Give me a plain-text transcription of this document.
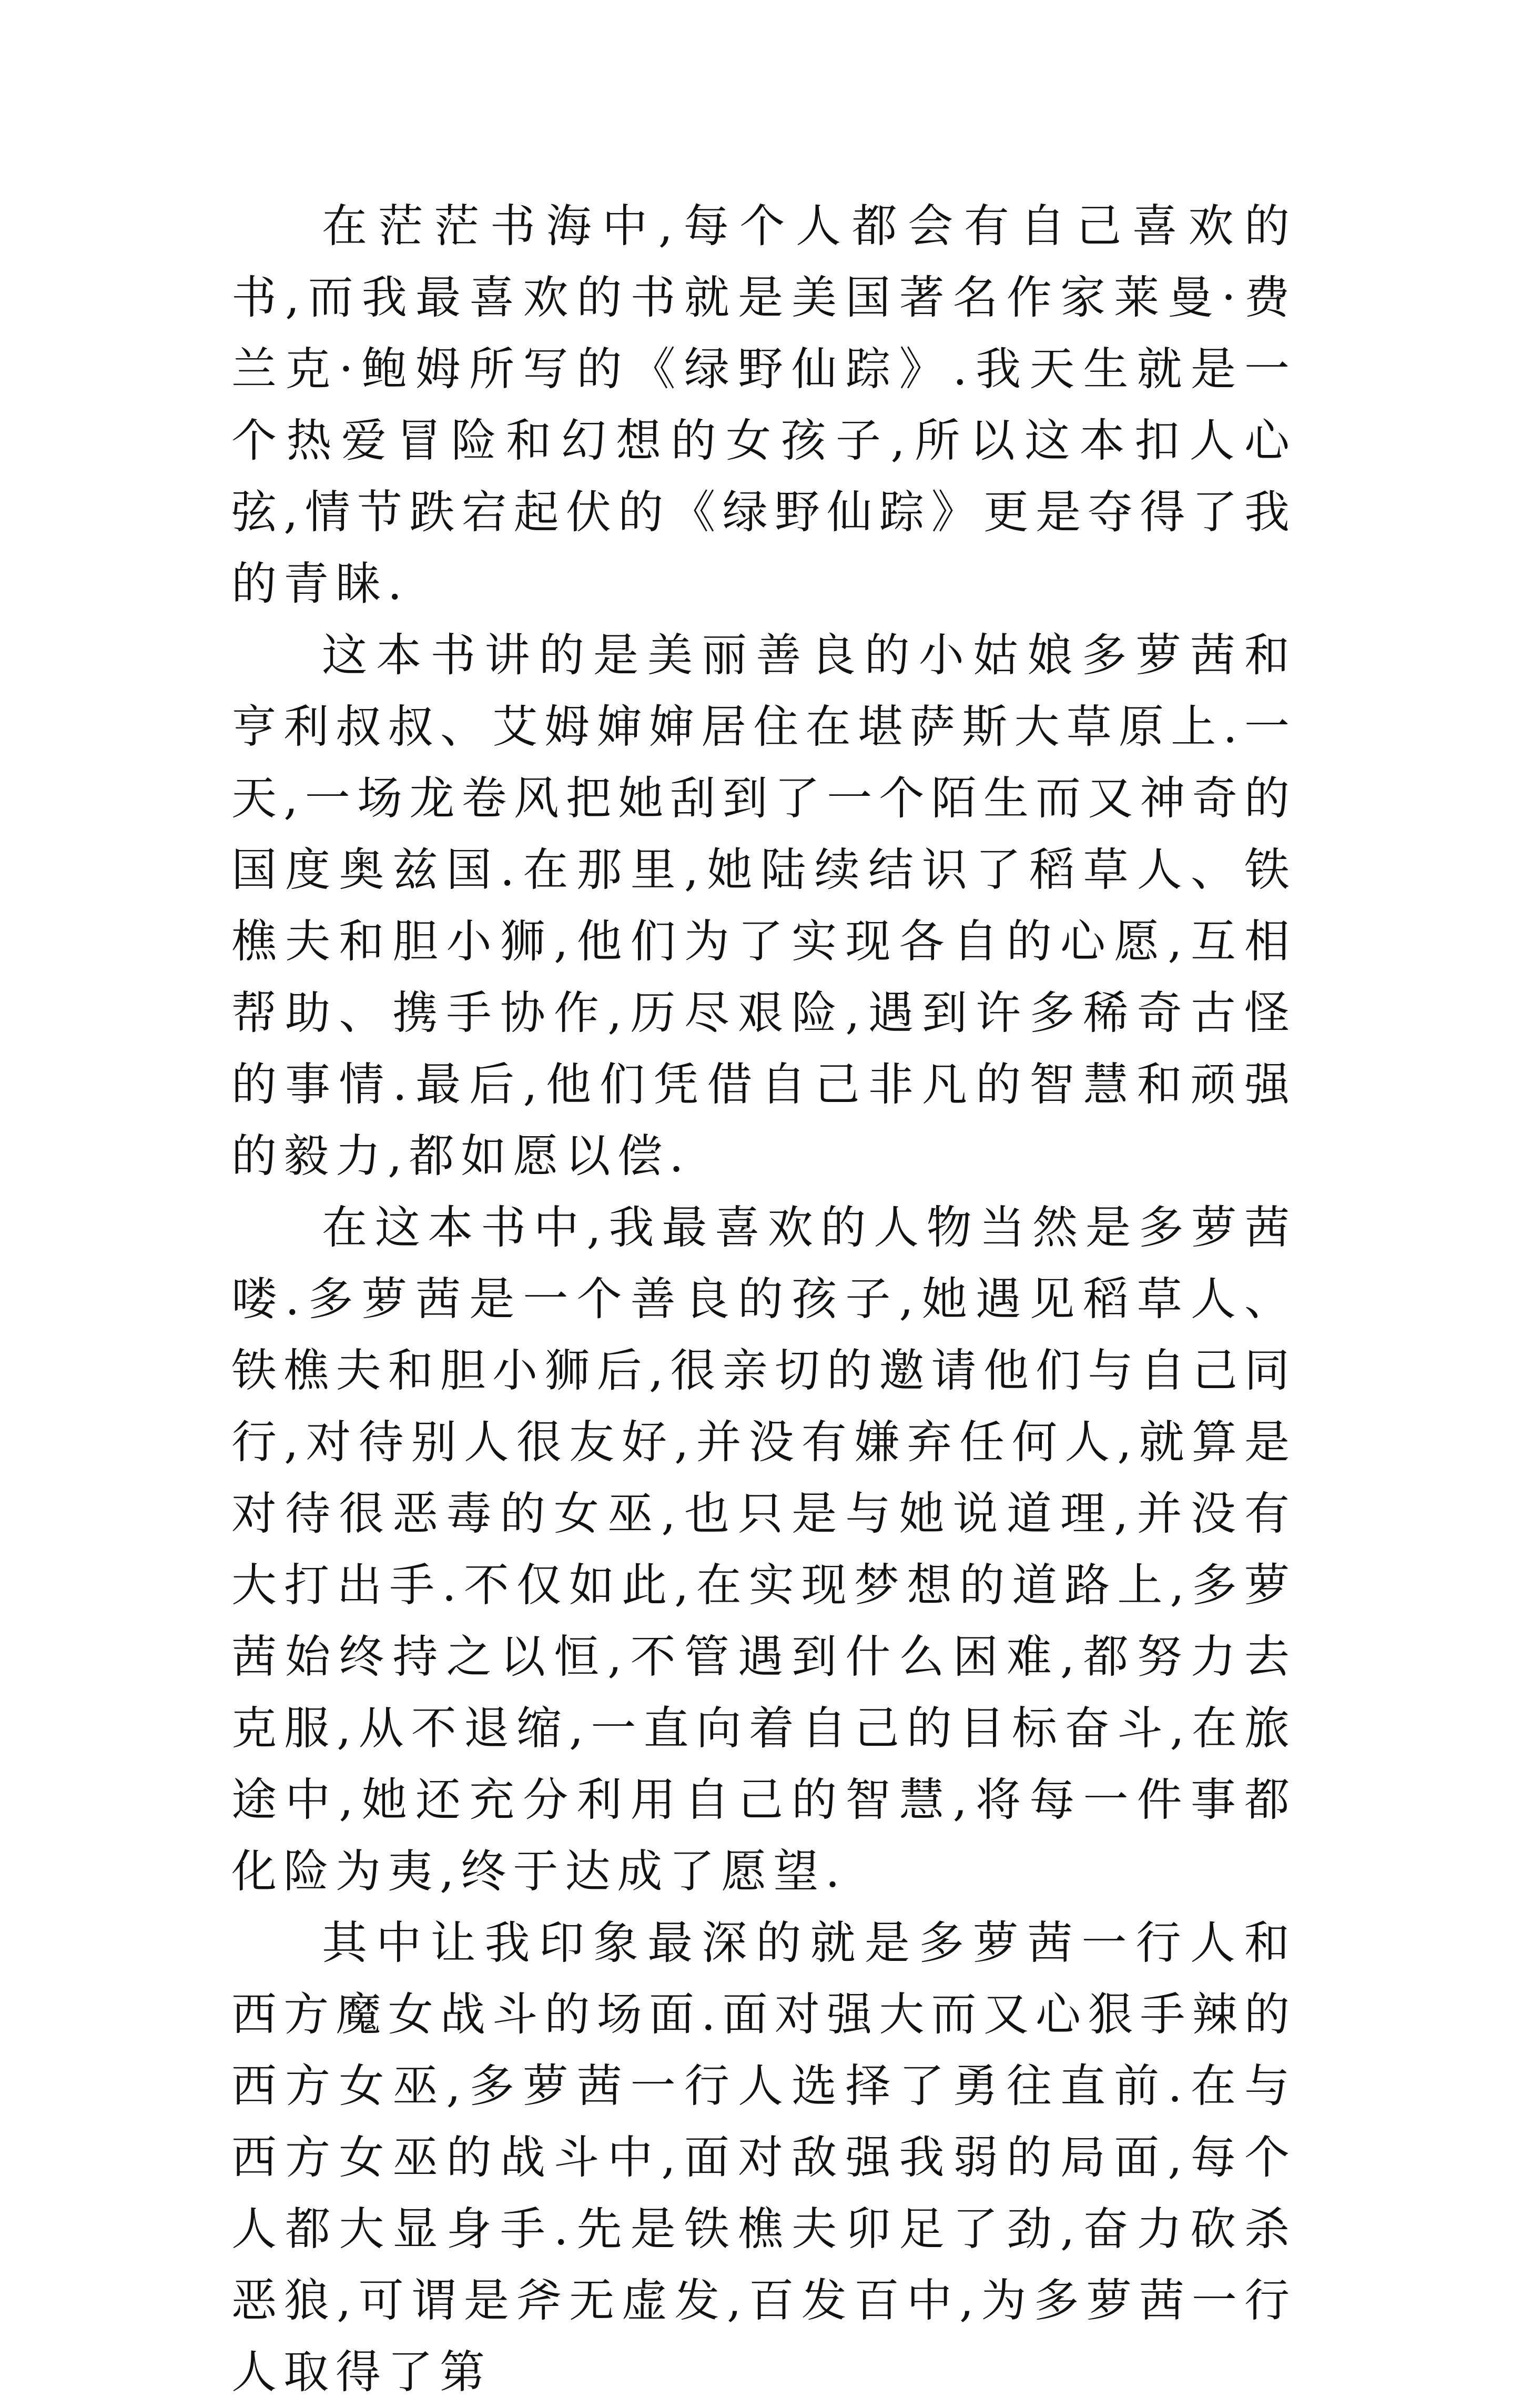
在茫茫书海中,每个人都会有自己喜欢的书,而我最喜欢的书就是美国著名作家莱曼·费兰克·鲍姆所写的《绿野仙踪》.我天生就是一个热爱冒险和幻想的女孩子,所以这本扣人心弦,情节跌宕起伏的《绿野仙踪》更是夺得了我的青睐.

这本书讲的是美丽善良的小姑娘多萝茜和亨利叔叔、艾姆婶婶居住在堪萨斯大草原上.一天,一场龙卷风把她刮到了一个陌生而又神奇的国度奥兹国.在那里,她陆续结识了稻草人、铁樵夫和胆小狮,他们为了实现各自的心愿,互相帮助、携手协作,历尽艰险,遇到许多稀奇古怪的事情.最后,他们凭借自己非凡的智慧和顽强的毅力,都如愿以偿.

在这本书中,我最喜欢的人物当然是多萝茜喽.多萝茜是一个善良的孩子,她遇见稻草人、铁樵夫和胆小狮后,很亲切的邀请他们与自己同行,对待别人很友好,并没有嫌弃任何人,就算是对待很恶毒的女巫,也只是与她说道理,并没有大打出手.不仅如此,在实现梦想的道路上,多萝茜始终持之以恒,不管遇到什么困难,都努力去克服,从不退缩,一直向着自己的目标奋斗,在旅途中,她还充分利用自己的智慧,将每一件事都化险为夷,终于达成了愿望.

其中让我印象最深的就是多萝茜一行人和西方魔女战斗的场面.面对强大而又心狠手辣的西方女巫,多萝茜一行人选择了勇往直前.在与西方女巫的战斗中,面对敌强我弱的局面,每个人都大显身手.先是铁樵夫卯足了劲,奋力砍杀恶狼,可谓是斧无虚发,百发百中,为多萝茜一行人取得了第
